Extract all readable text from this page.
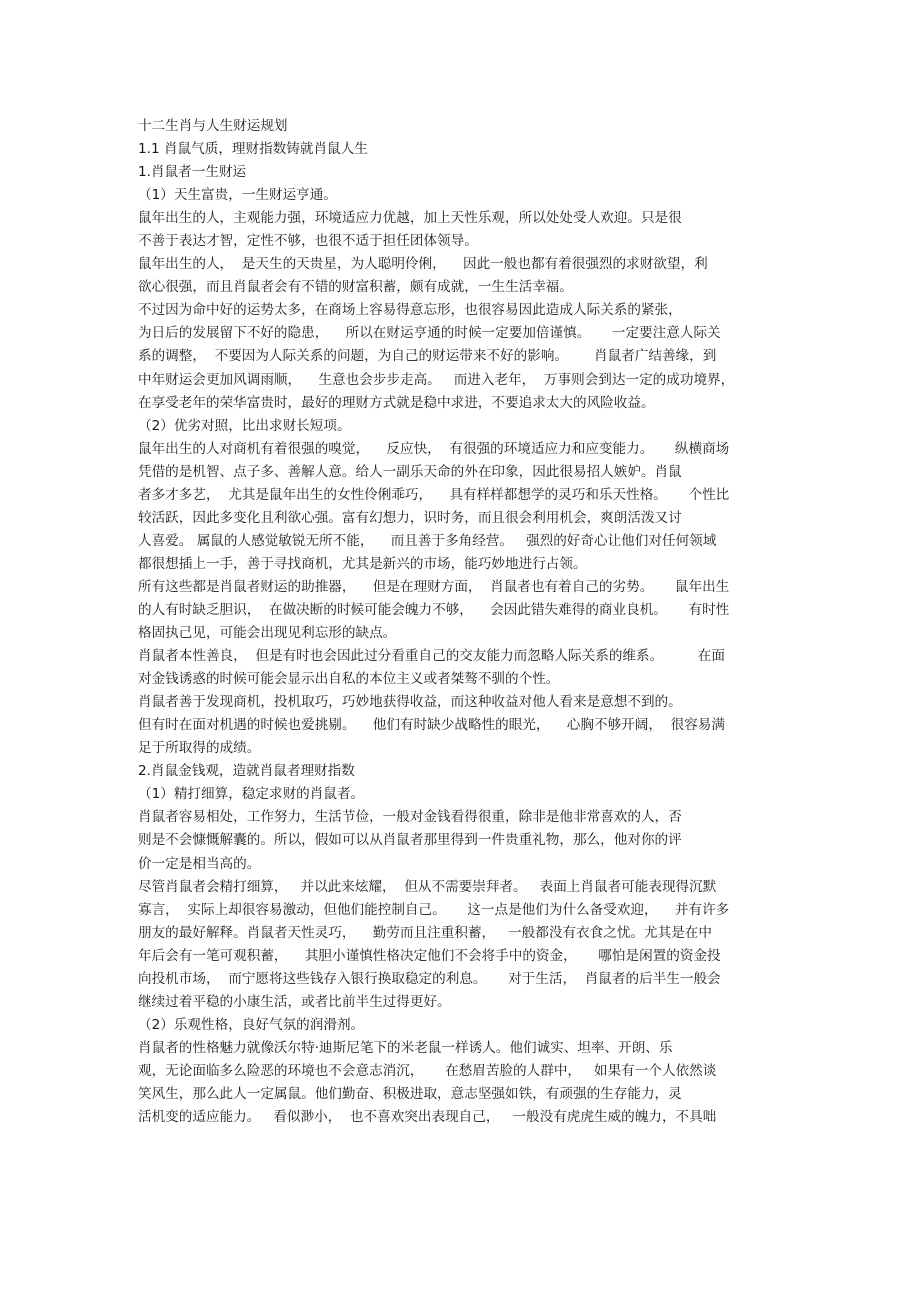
十二生肖与人生财运规划
1.1 肖鼠气质，理财指数铸就肖鼠人生
1.肖鼠者一生财运
（1）天生富贵，一生财运亨通。
鼠年出生的人，主观能力强，环境适应力优越，加上天性乐观，所以处处受人欢迎。只是很
不善于表达才智，定性不够，也很不适于担任团体领导。
鼠年出生的人，  是天生的天贵星，为人聪明伶俐，    因此一般也都有着很强烈的求财欲望，利
欲心很强，而且肖鼠者会有不错的财富积蓄，颇有成就，一生生活幸福。
不过因为命中好的运势太多，在商场上容易得意忘形，也很容易因此造成人际关系的紧张，
为日后的发展留下不好的隐患，    所以在财运亨通的时候一定要加倍谨慎。     一定要注意人际关
系的调整，  不要因为人际关系的问题，为自己的财运带来不好的影响。      肖鼠者广结善缘，到
中年财运会更加风调雨顺，    生意也会步步走高。   而进入老年，  万事则会到达一定的成功境界，
在享受老年的荣华富贵时，最好的理财方式就是稳中求进，不要追求太大的风险收益。
（2）优劣对照，比出求财长短项。
鼠年出生的人对商机有着很强的嗅觉，    反应快，  有很强的环境适应力和应变能力。     纵横商场
凭借的是机智、点子多、善解人意。给人一副乐天命的外在印象，因此很易招人嫉妒。肖鼠
者多才多艺，  尤其是鼠年出生的女性伶俐乖巧，    具有样样都想学的灵巧和乐天性格。     个性比
较活跃，因此多变化且利欲心强。富有幻想力，识时务，而且很会利用机会，爽朗活泼又讨
人喜爱。 属鼠的人感觉敏锐无所不能，    而且善于多角经营。   强烈的好奇心让他们对任何领域
都很想插上一手，善于寻找商机，尤其是新兴的市场，能巧妙地进行占领。
所有这些都是肖鼠者财运的助推器，    但是在理财方面，  肖鼠者也有着自己的劣势。     鼠年出生
的人有时缺乏胆识，  在做决断的时候可能会魄力不够，    会因此错失难得的商业良机。     有时性
格固执己见，可能会出现见利忘形的缺点。
肖鼠者本性善良，  但是有时也会因此过分看重自己的交友能力而忽略人际关系的维系。        在面
对金钱诱惑的时候可能会显示出自私的本位主义或者桀骜不驯的个性。
肖鼠者善于发现商机，投机取巧，巧妙地获得收益，而这种收益对他人看来是意想不到的。
但有时在面对机遇的时候也爱挑剔。    他们有时缺少战略性的眼光，    心胸不够开阔，  很容易满
足于所取得的成绩。
2.肖鼠金钱观，造就肖鼠者理财指数
（1）精打细算，稳定求财的肖鼠者。
肖鼠者容易相处，工作努力，生活节俭，一般对金钱看得很重，除非是他非常喜欢的人，否
则是不会慷慨解囊的。所以，假如可以从肖鼠者那里得到一件贵重礼物，那么，他对你的评
价一定是相当高的。
尽管肖鼠者会精打细算，   并以此来炫耀，  但从不需要崇拜者。   表面上肖鼠者可能表现得沉默
寡言，  实际上却很容易激动，但他们能控制自己。     这一点是他们为什么备受欢迎，    并有许多
朋友的最好解释。肖鼠者天性灵巧，    勤劳而且注重积蓄，   一般都没有衣食之忧。尤其是在中
年后会有一笔可观积蓄，    其胆小谨慎性格决定他们不会将手中的资金，     哪怕是闲置的资金投
向投机市场，  而宁愿将这些钱存入银行换取稳定的利息。     对于生活，  肖鼠者的后半生一般会
继续过着平稳的小康生活，或者比前半生过得更好。
（2）乐观性格，良好气氛的润滑剂。
肖鼠者的性格魅力就像沃尔特·迪斯尼笔下的米老鼠一样诱人。他们诚实、坦率、开朗、乐
观，无论面临多么险恶的环境也不会意志消沉，     在愁眉苦脸的人群中，   如果有一个人依然谈
笑风生，那么此人一定属鼠。他们勤奋、积极进取，意志坚强如铁，有顽强的生存能力，灵
活机变的适应能力。   看似渺小，  也不喜欢突出表现自己，   一般没有虎虎生威的魄力，不具咄
